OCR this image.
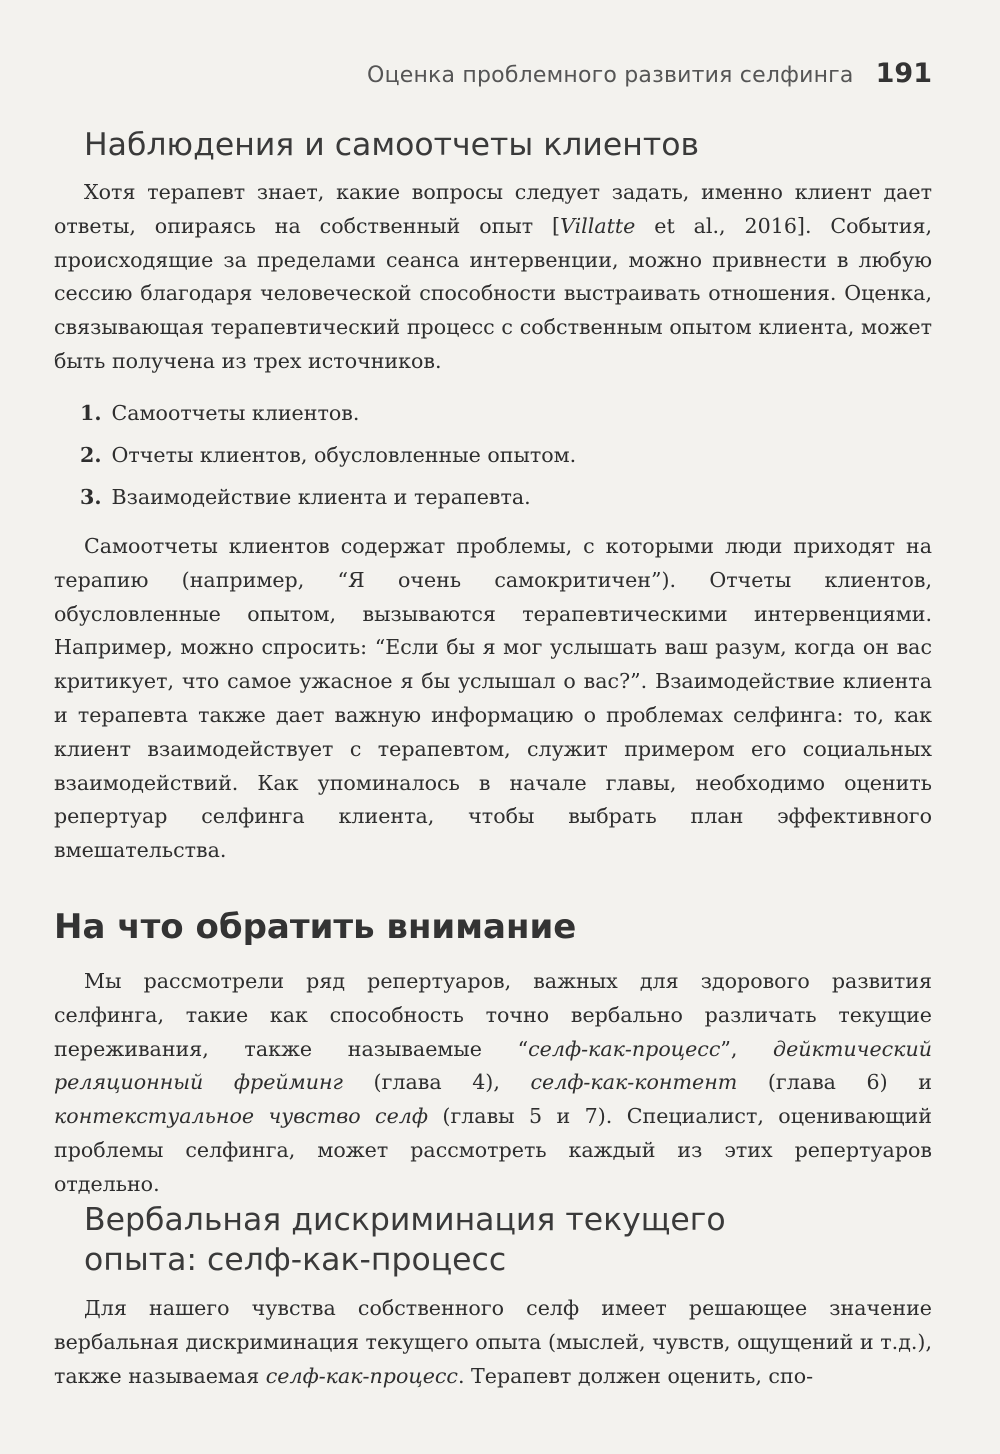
Оценка проблемного развития селфинга 191
Наблюдения и самоотчеты клиентов

Хотя терапевт знает, какие вопросы следует задать, именно клиент дает ответы, опираясь на собственный опыт [Villatte et al., 2016]. События, происходящие за пределами сеанса интервенции, можно привнести в любую сессию благодаря человеческой способности выстраивать отношения. Оценка, связывающая терапевтический процесс с собственным опытом клиента, может быть получена из трех источников.

1. Самоотчеты клиентов.
2. Отчеты клиентов, обусловленные опытом.
3. Взаимодействие клиента и терапевта.

Самоотчеты клиентов содержат проблемы, с которыми люди приходят на терапию (например, “Я очень самокритичен”). Отчеты клиентов, обусловленные опытом, вызываются терапевтическими интервенциями. Например, можно спросить: “Если бы я мог услышать ваш разум, когда он вас критикует, что самое ужасное я бы услышал о вас?”. Взаимодействие клиента и терапевта также дает важную информацию о проблемах селфинга: то, как клиент взаимодействует с терапевтом, служит примером его социальных взаимодействий. Как упоминалось в начале главы, необходимо оценить репертуар селфинга клиента, чтобы выбрать план эффективного вмешательства.

На что обратить внимание

Мы рассмотрели ряд репертуаров, важных для здорового развития селфинга, такие как способность точно вербально различать текущие переживания, также называемые “селф-как-процесс”, дейктический реляционный фрейминг (глава 4), селф-как-контент (глава 6) и контекстуальное чувство селф (главы 5 и 7). Специалист, оценивающий проблемы селфинга, может рассмотреть каждый из этих репертуаров отдельно.

Вербальная дискриминация текущего
опыта: селф-как-процесс

Для нашего чувства собственного селф имеет решающее значение вербальная дискриминация текущего опыта (мыслей, чувств, ощущений и т.д.), также называемая селф-как-процесс. Терапевт должен оценить, спо-
